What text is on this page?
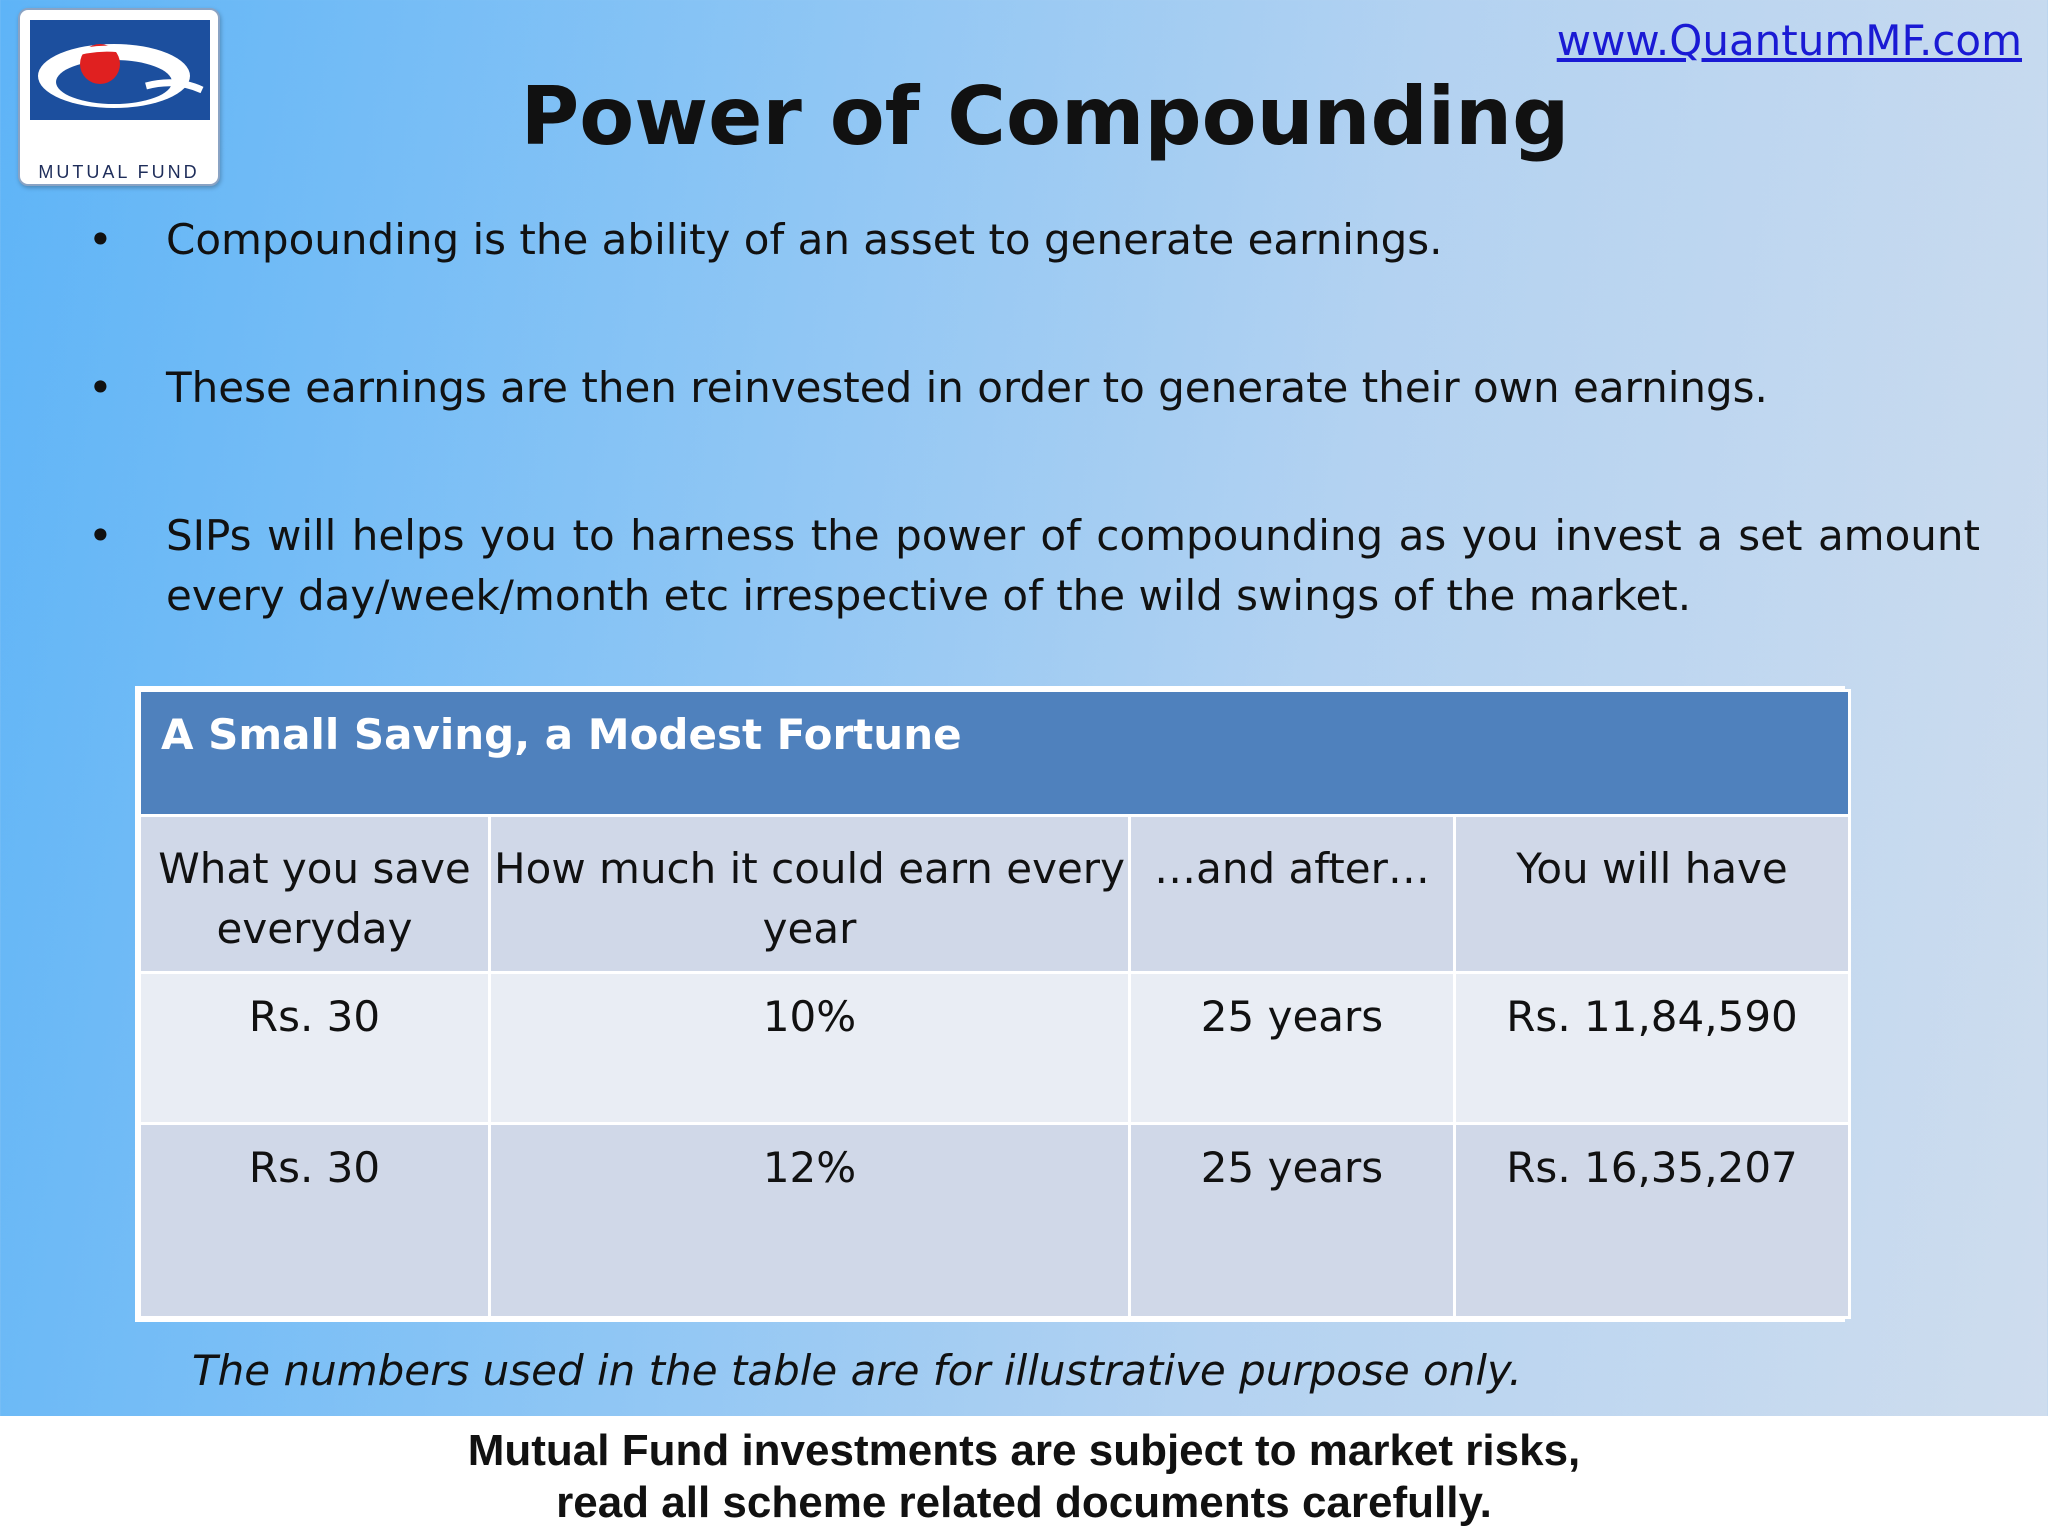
QUANTUM
MUTUAL FUND
www.QuantumMF.com
Power of Compounding
• Compounding is the ability of an asset to generate earnings.
• These earnings are then reinvested in order to generate their own earnings.
• SIPs will helps you to harness the power of compounding as you invest a set amount every day/week/month etc irrespective of the wild swings of the market.
A Small Saving, a Modest Fortune			
What you save everyday	How much it could earn every year	…and after…	You will have
Rs. 30	10%	25 years	Rs. 11,84,590
Rs. 30	12%	25 years	Rs. 16,35,207

The numbers used in the table are for illustrative purpose only.

Mutual Fund investments are subject to market risks,

read all scheme related documents carefully.
